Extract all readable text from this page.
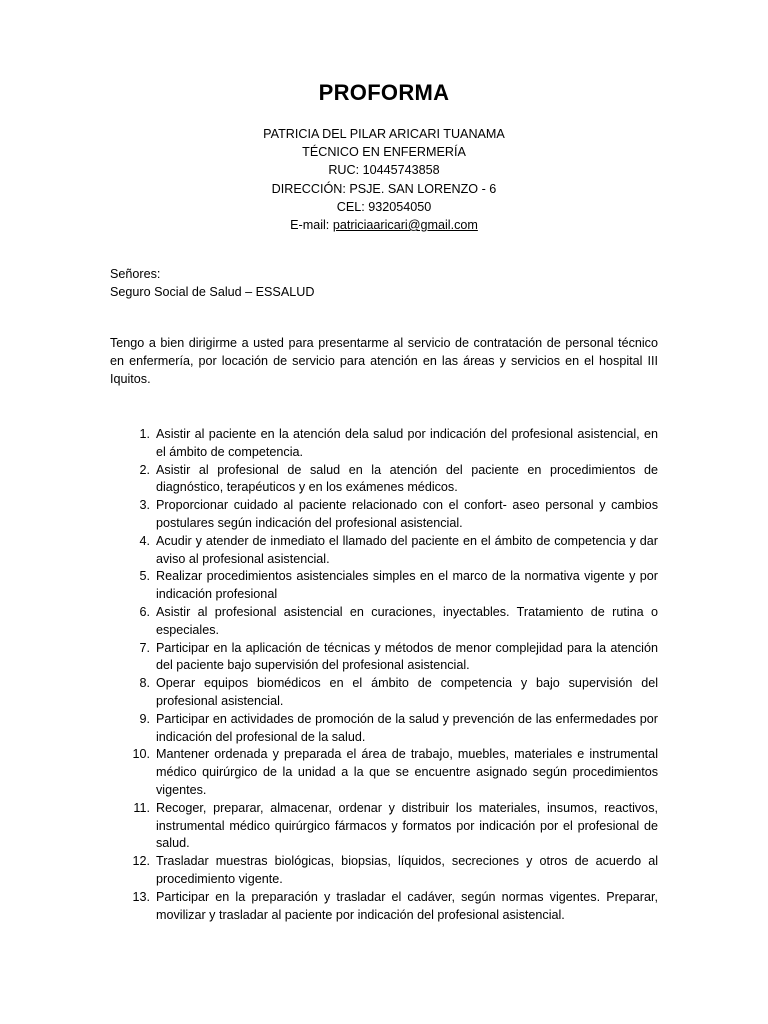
PROFORMA
PATRICIA DEL PILAR ARICARI TUANAMA
TÉCNICO EN ENFERMERÍA
RUC: 10445743858
DIRECCIÓN: PSJE. SAN LORENZO - 6
CEL: 932054050
E-mail: patriciaaricari@gmail.com
Señores:
Seguro Social de Salud – ESSALUD
Tengo a bien dirigirme a usted para presentarme al servicio de contratación de personal técnico en enfermería, por locación de servicio para atención en las áreas y servicios en el hospital III Iquitos.
1. Asistir al paciente en la atención dela salud por indicación del profesional asistencial, en el ámbito de competencia.
2. Asistir al profesional de salud en la atención del paciente en procedimientos de diagnóstico, terapéuticos y en los exámenes médicos.
3. Proporcionar cuidado al paciente relacionado con el confort- aseo personal y cambios postulares según indicación del profesional asistencial.
4. Acudir y atender de inmediato el llamado del paciente en el ámbito de competencia y dar aviso al profesional asistencial.
5. Realizar procedimientos asistenciales simples en el marco de la normativa vigente y por indicación profesional
6. Asistir al profesional asistencial en curaciones, inyectables. Tratamiento de rutina o especiales.
7. Participar en la aplicación de técnicas y métodos de menor complejidad para la atención del paciente bajo supervisión del profesional asistencial.
8. Operar equipos biomédicos en el ámbito de competencia y bajo supervisión del profesional asistencial.
9. Participar en actividades de promoción de la salud y prevención de las enfermedades por indicación del profesional de la salud.
10. Mantener ordenada y preparada el área de trabajo, muebles, materiales e instrumental médico quirúrgico de la unidad a la que se encuentre asignado según procedimientos vigentes.
11. Recoger, preparar, almacenar, ordenar y distribuir los materiales, insumos, reactivos, instrumental médico quirúrgico fármacos y formatos por indicación por el profesional de salud.
12. Trasladar muestras biológicas, biopsias, líquidos, secreciones y otros de acuerdo al procedimiento vigente.
13. Participar en la preparación y trasladar el cadáver, según normas vigentes. Preparar, movilizar y trasladar al paciente por indicación del profesional asistencial.
